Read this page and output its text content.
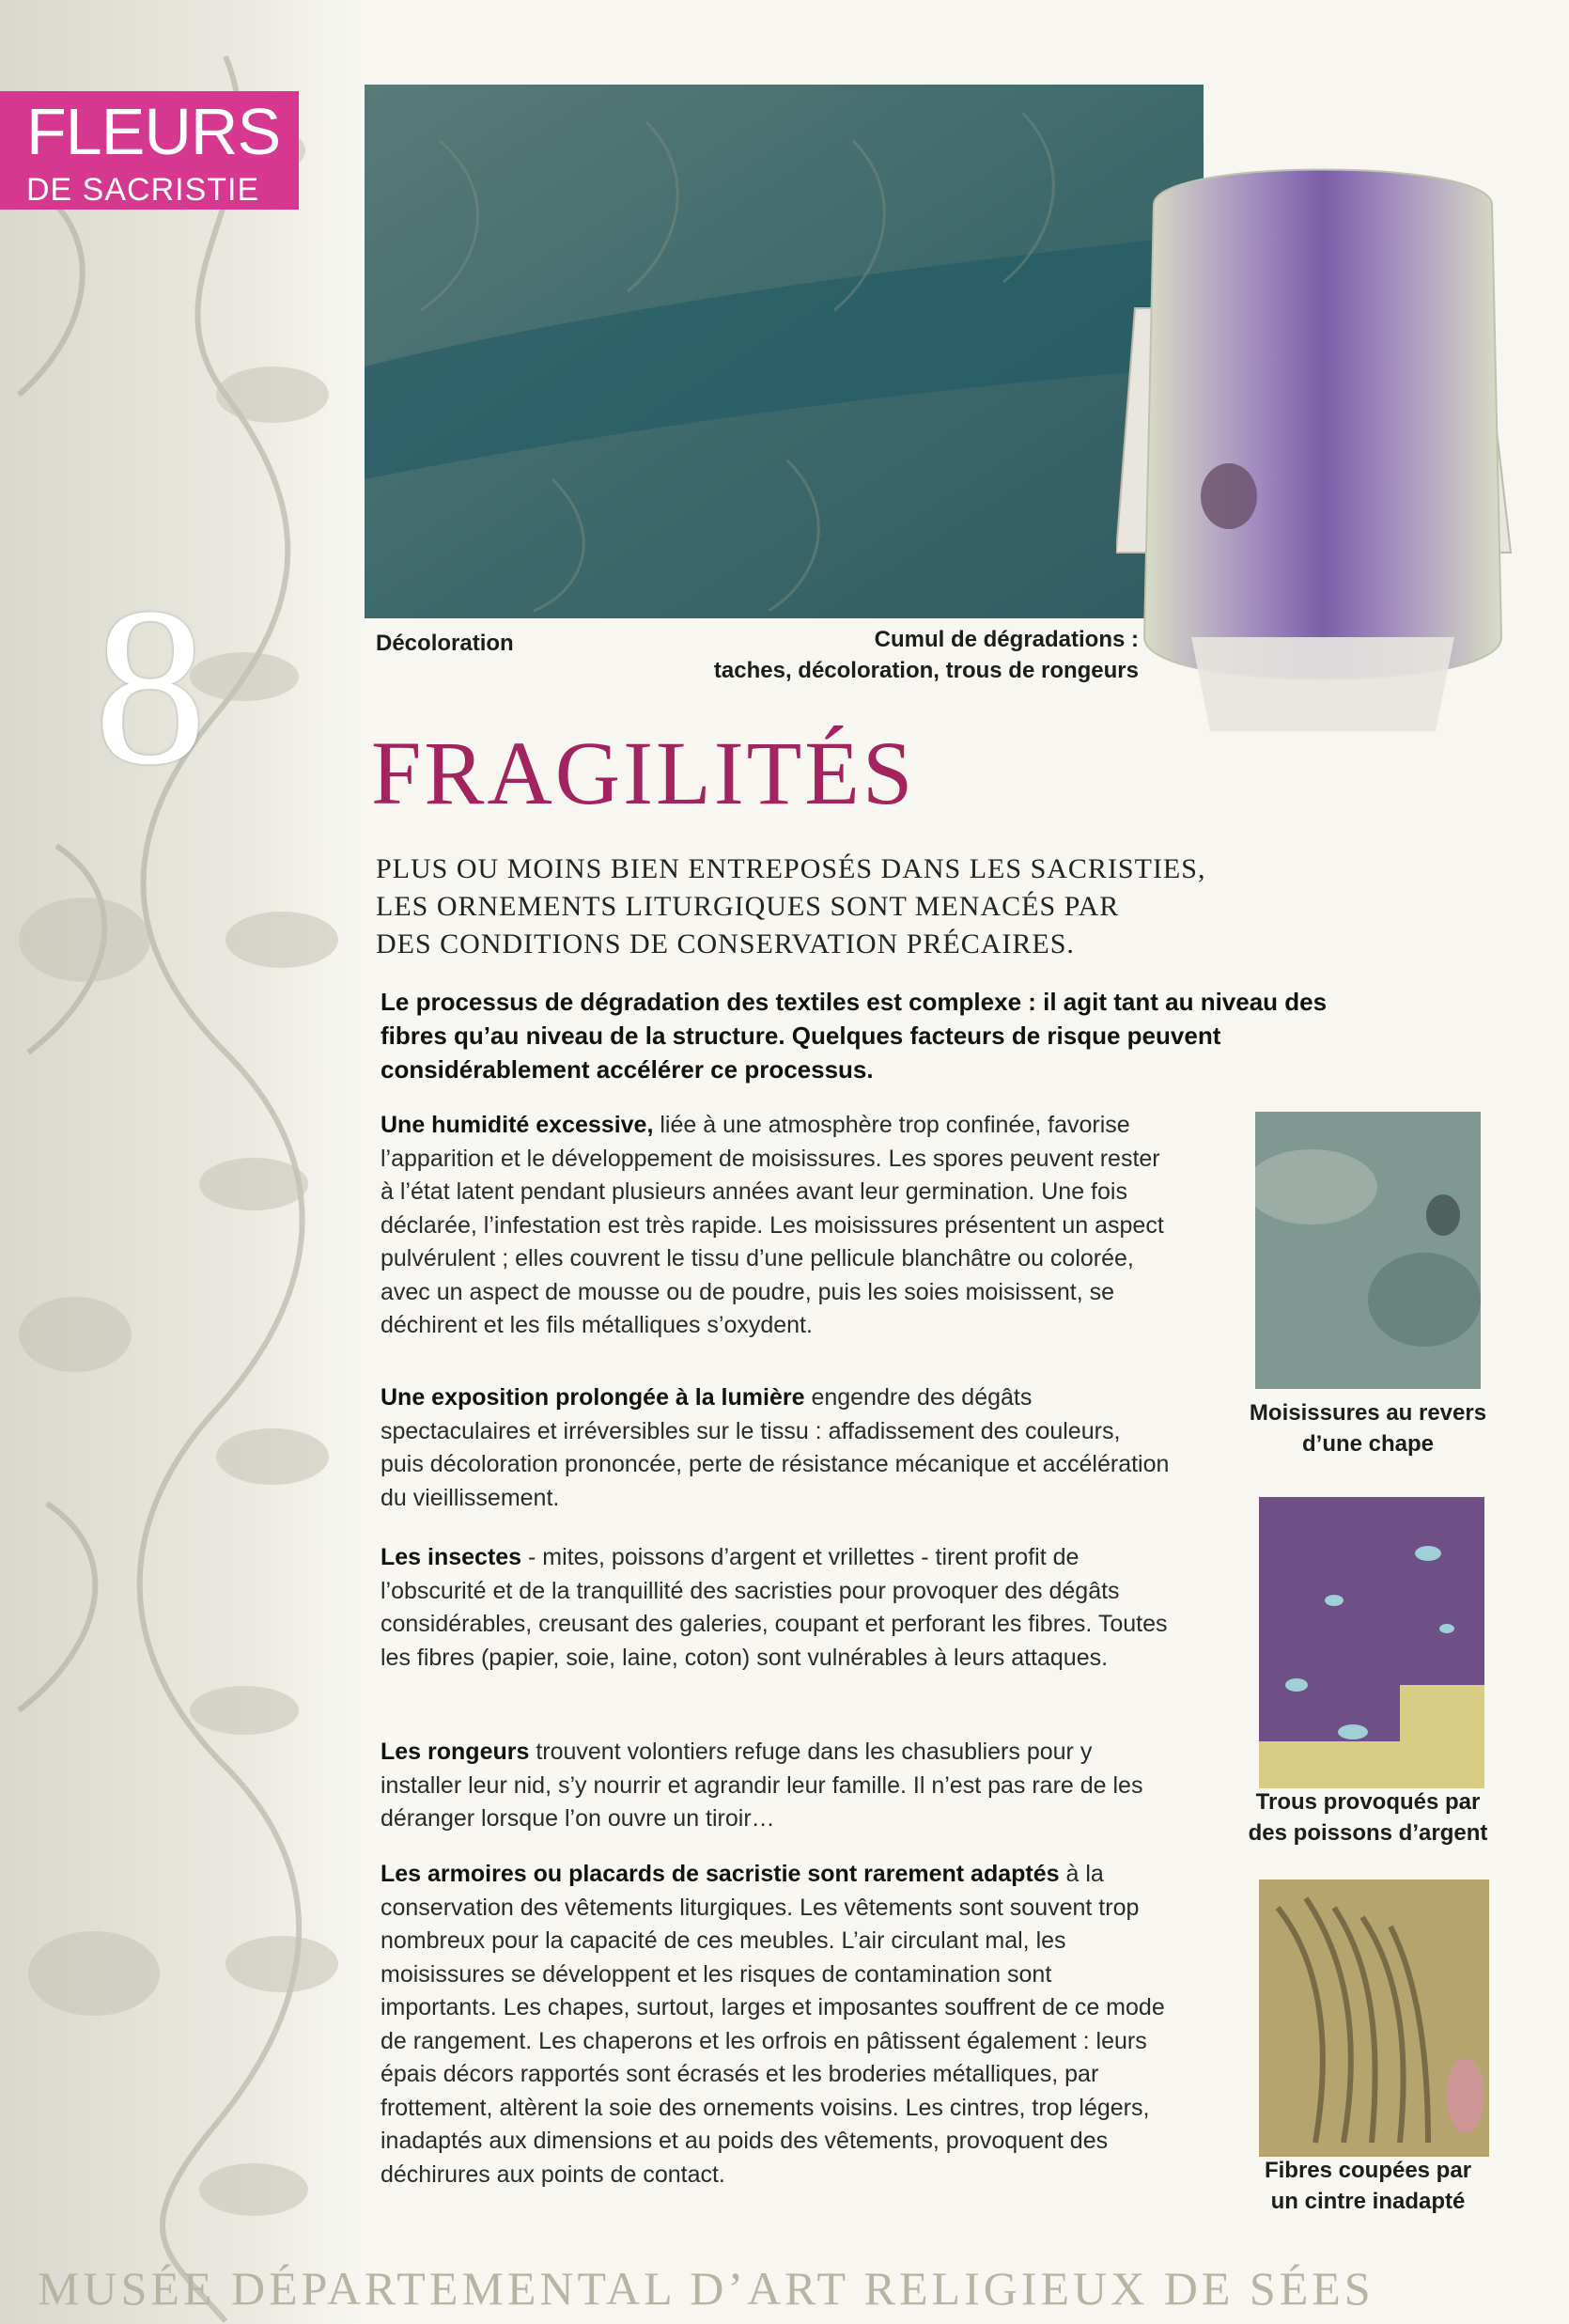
FLEURS
DE SACRISTIE
8	Décoloration	Cumul de dégradations :
taches, décoloration, trous de rongeurs
FRAGILITÉS
PLUS OU MOINS BIEN ENTREPOSÉS DANS LES SACRISTIES,
LES ORNEMENTS LITURGIQUES SONT MENACÉS PAR
DES CONDITIONS DE CONSERVATION PRÉCAIRES.
Le processus de dégradation des textiles est complexe : il agit tant au niveau des fibres qu’au niveau de la structure. Quelques facteurs de risque peuvent considérablement accélérer ce processus.
Une humidité excessive, liée à une atmosphère trop confinée, favorise l’apparition et le développement de moisissures. Les spores peuvent rester à l’état latent pendant plusieurs années avant leur germination. Une fois déclarée, l’infestation est très rapide. Les moisissures présentent un aspect pulvérulent ; elles couvrent le tissu d’une pellicule blanchâtre ou colorée, avec un aspect de mousse ou de poudre, puis les soies moisissent, se déchirent et les fils métalliques s’oxydent.
Une exposition prolongée à la lumière engendre des dégâts spectaculaires et irréversibles sur le tissu : affadissement des couleurs, puis décoloration prononcée, perte de résistance mécanique et accélération du vieillissement.
Les insectes - mites, poissons d’argent et vrillettes - tirent profit de l’obscurité et de la tranquillité des sacristies pour provoquer des dégâts considérables, creusant des galeries, coupant et perforant les fibres. Toutes les fibres (papier, soie, laine, coton) sont vulnérables à leurs attaques.
Les rongeurs trouvent volontiers refuge dans les chasubliers pour y installer leur nid, s’y nourrir et agrandir leur famille. Il n’est pas rare de les déranger lorsque l’on ouvre un tiroir…
Les armoires ou placards de sacristie sont rarement adaptés à la conservation des vêtements liturgiques. Les vêtements sont souvent trop nombreux pour la capacité de ces meubles. L’air circulant mal, les moisissures se développent et les risques de contamination sont importants. Les chapes, surtout, larges et imposantes souffrent de ce mode de rangement. Les chaperons et les orfrois en pâtissent également : leurs épais décors rapportés sont écrasés et les broderies métalliques, par frottement, altèrent la soie des ornements voisins. Les cintres, trop légers, inadaptés aux dimensions et au poids des vêtements, provoquent des déchirures aux points de contact.
Moisissures au revers
d’une chape
Trous provoqués par
des poissons d’argent
Fibres coupées par
un cintre inadapté
MUSÉE DÉPARTEMENTAL D’ART RELIGIEUX DE SÉES
